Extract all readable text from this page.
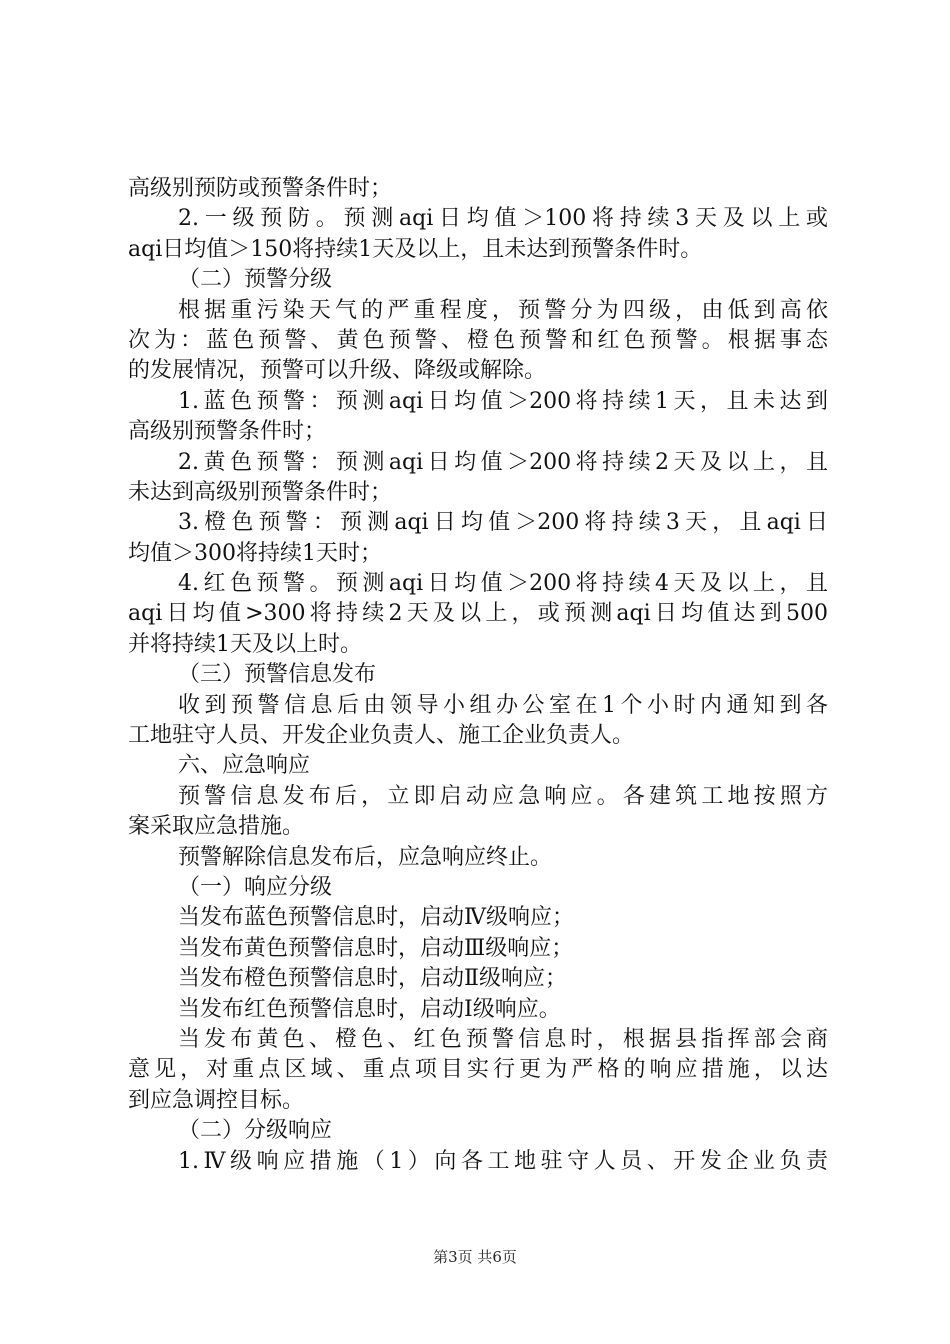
高级别预防或预警条件时；
2.一级预防。预测aqi日均值＞100将持续3天及以上或
aqi日均值＞150将持续1天及以上，且未达到预警条件时。
（二）预警分级
根据重污染天气的严重程度，预警分为四级，由低到高依
次为：蓝色预警、黄色预警、橙色预警和红色预警。根据事态
的发展情况，预警可以升级、降级或解除。
1.蓝色预警：预测aqi日均值＞200将持续1天，且未达到
高级别预警条件时；
2.黄色预警：预测aqi日均值＞200将持续2天及以上，且
未达到高级别预警条件时；
3.橙色预警：预测aqi日均值＞200将持续3天，且aqi日
均值＞300将持续1天时；
4.红色预警。预测aqi日均值＞200将持续4天及以上，且
aqi日均值>300将持续2天及以上，或预测aqi日均值达到500
并将持续1天及以上时。
（三）预警信息发布
收到预警信息后由领导小组办公室在1个小时内通知到各
工地驻守人员、开发企业负责人、施工企业负责人。
六、应急响应
预警信息发布后，立即启动应急响应。各建筑工地按照方
案采取应急措施。
预警解除信息发布后，应急响应终止。
（一）响应分级
当发布蓝色预警信息时，启动Ⅳ级响应；
当发布黄色预警信息时，启动Ⅲ级响应；
当发布橙色预警信息时，启动Ⅱ级响应；
当发布红色预警信息时，启动Ⅰ级响应。
当发布黄色、橙色、红色预警信息时，根据县指挥部会商
意见，对重点区域、重点项目实行更为严格的响应措施，以达
到应急调控目标。
（二）分级响应
1.Ⅳ级响应措施（1）向各工地驻守人员、开发企业负责
第3页 共6页
